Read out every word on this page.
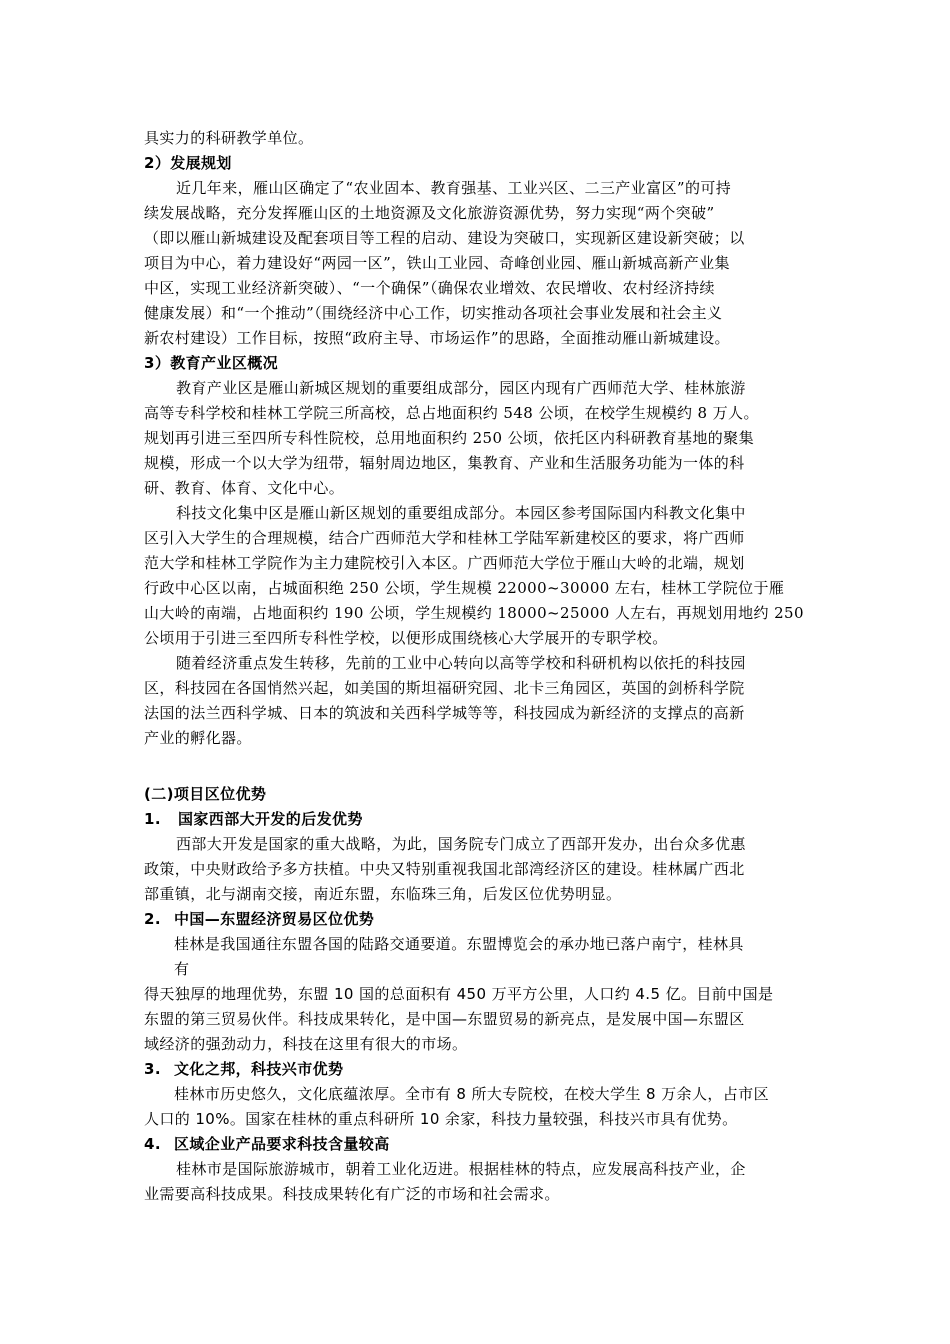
具实力的科研教学单位。

2）发展规划

近几年来，雁山区确定了“农业固本、教育强基、工业兴区、二三产业富区”的可持

续发展战略，充分发挥雁山区的土地资源及文化旅游资源优势，努力实现“两个突破”

（即以雁山新城建设及配套项目等工程的启动、建设为突破口，实现新区建设新突破；以

项目为中心，着力建设好“两园一区”，铁山工业园、奇峰创业园、雁山新城高新产业集

中区，实现工业经济新突破）、“一个确保”（确保农业增效、农民增收、农村经济持续

健康发展）和“一个推动”（围绕经济中心工作，切实推动各项社会事业发展和社会主义

新农村建设）工作目标，按照“政府主导、市场运作”的思路，全面推动雁山新城建设。

3）教育产业区概况

教育产业区是雁山新城区规划的重要组成部分，园区内现有广西师范大学、桂林旅游

高等专科学校和桂林工学院三所高校，总占地面积约 548 公顷，在校学生规模约 8 万人。

规划再引进三至四所专科性院校，总用地面积约 250 公顷，依托区内科研教育基地的聚集

规模，形成一个以大学为纽带，辐射周边地区，集教育、产业和生活服务功能为一体的科

研、教育、体育、文化中心。

科技文化集中区是雁山新区规划的重要组成部分。本园区参考国际国内科教文化集中

区引入大学生的合理规模，结合广西师范大学和桂林工学陆军新建校区的要求，将广西师

范大学和桂林工学院作为主力建院校引入本区。广西师范大学位于雁山大岭的北端，规划

行政中心区以南，占城面积绝 250 公顷，学生规模 22000~30000 左右，桂林工学院位于雁

山大岭的南端，占地面积约 190 公顷，学生规模约 18000~25000 人左右，再规划用地约 250

公顷用于引进三至四所专科性学校，以便形成围绕核心大学展开的专职学校。

随着经济重点发生转移，先前的工业中心转向以高等学校和科研机构以依托的科技园

区，科技园在各国悄然兴起，如美国的斯坦福研究园、北卡三角园区，英国的剑桥科学院

法国的法兰西科学城、日本的筑波和关西科学城等等，科技园成为新经济的支撑点的高新

产业的孵化器。

(二)项目区位优势

1. 国家西部大开发的后发优势

西部大开发是国家的重大战略，为此，国务院专门成立了西部开发办，出台众多优惠

政策，中央财政给予多方扶植。中央又特别重视我国北部湾经济区的建设。桂林属广西北

部重镇，北与湖南交接，南近东盟，东临珠三角，后发区位优势明显。

2. 中国—东盟经济贸易区位优势

桂林是我国通往东盟各国的陆路交通要道。东盟博览会的承办地已落户南宁，桂林具

有

得天独厚的地理优势，东盟 10 国的总面积有 450 万平方公里，人口约 4.5 亿。目前中国是

东盟的第三贸易伙伴。科技成果转化，是中国—东盟贸易的新亮点，是发展中国—东盟区

域经济的强劲动力，科技在这里有很大的市场。

3. 文化之邦，科技兴市优势

桂林市历史悠久，文化底蕴浓厚。全市有 8 所大专院校，在校大学生 8 万余人，占市区

人口的 10%。国家在桂林的重点科研所 10 余家，科技力量较强，科技兴市具有优势。

4. 区域企业产品要求科技含量较高

桂林市是国际旅游城市，朝着工业化迈进。根据桂林的特点，应发展高科技产业，企

业需要高科技成果。科技成果转化有广泛的市场和社会需求。
